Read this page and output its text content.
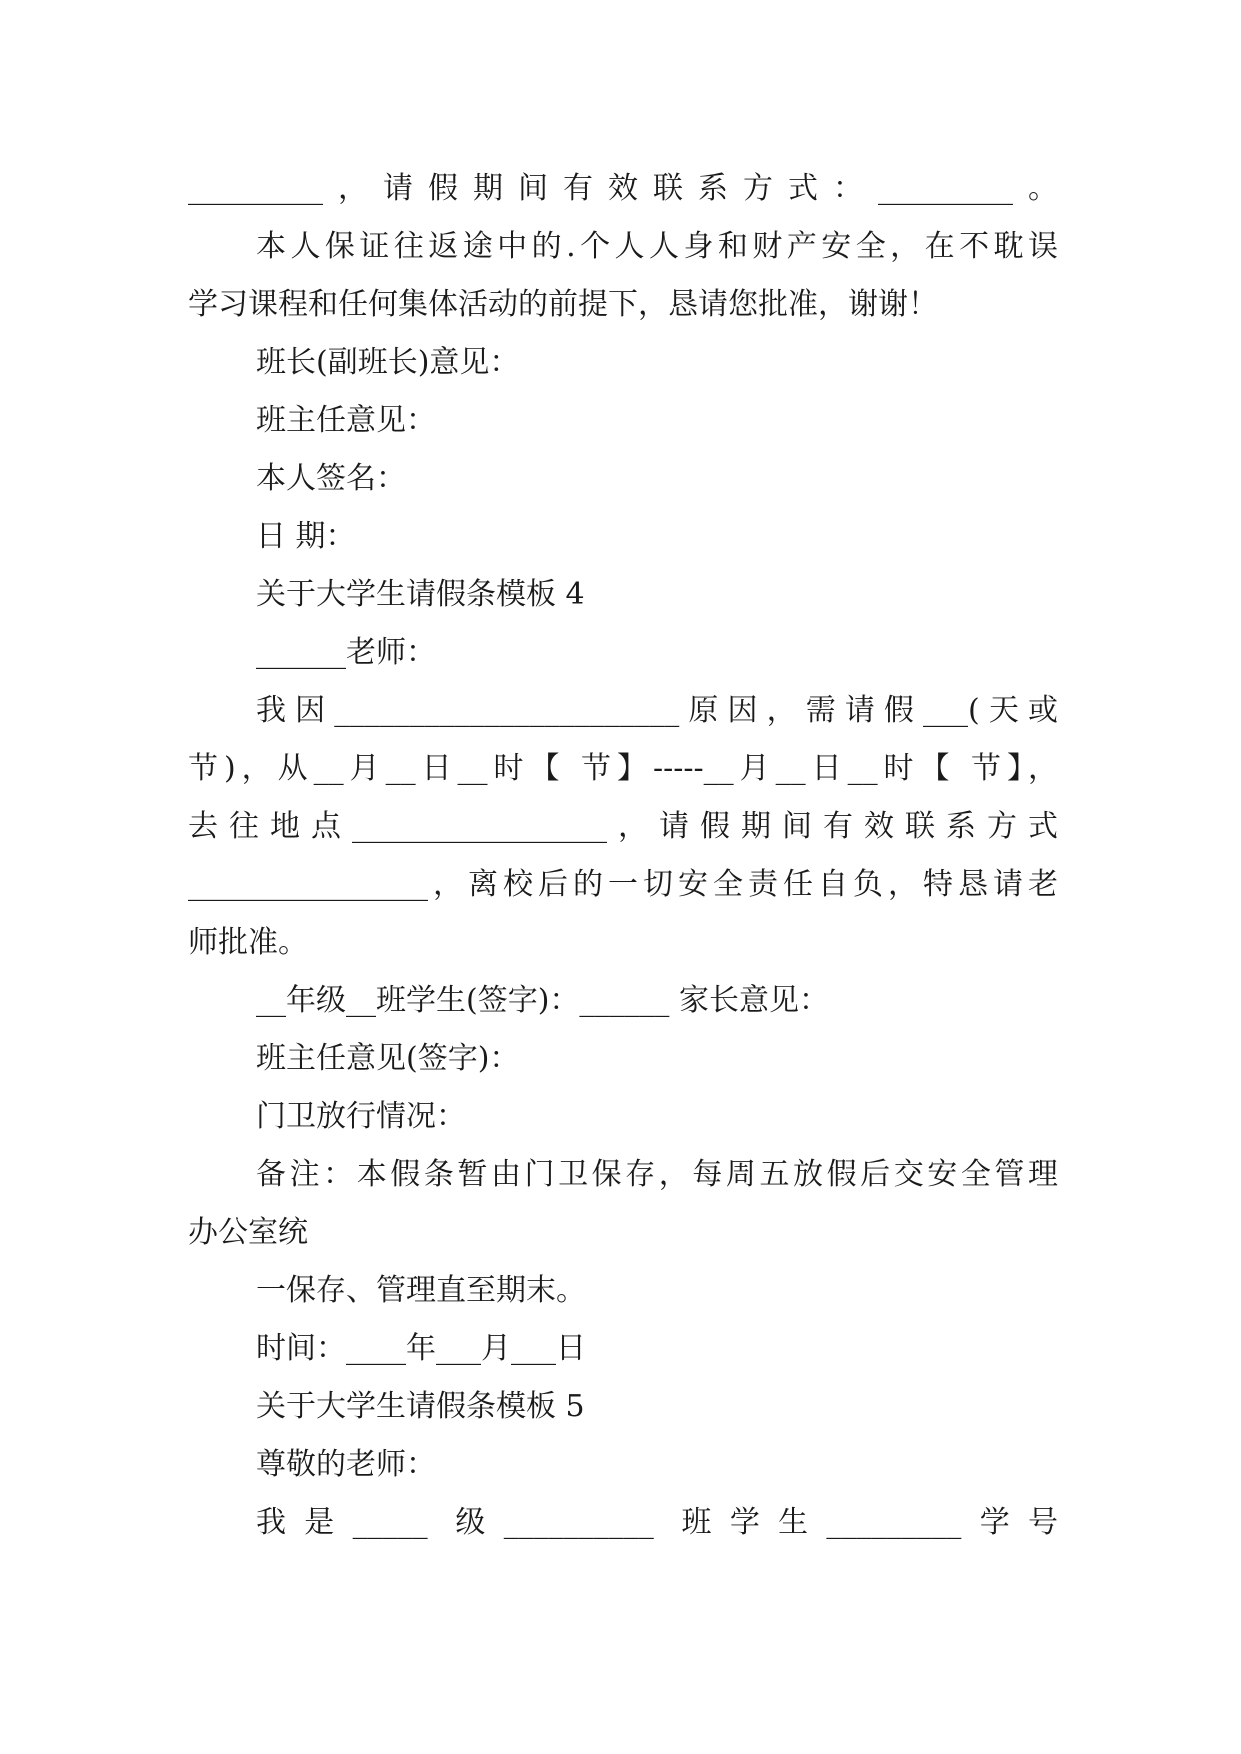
_________，请假期间有效联系方式：_________。
本人保证往返途中的.个人人身和财产安全，在不耽误
学习课程和任何集体活动的前提下，恳请您批准，谢谢！
班长(副班长)意见：
班主任意见：
本人签名：
日 期：
关于大学生请假条模板 4
______老师：
我因_______________________原因，需请假___(天或
节)，从__月__日__时【 节】-----__月__日__时【 节】，
去往地点_________________，请假期间有效联系方式
________________，离校后的一切安全责任自负，特恳请老
师批准。
__年级__班学生(签字)：______ 家长意见：
班主任意见(签字)：
门卫放行情况：
备注：本假条暂由门卫保存，每周五放假后交安全管理
办公室统
一保存、管理直至期末。
时间：____年___月___日
关于大学生请假条模板 5
尊敬的老师：
我是_____ 级__________ 班学生_________学号
